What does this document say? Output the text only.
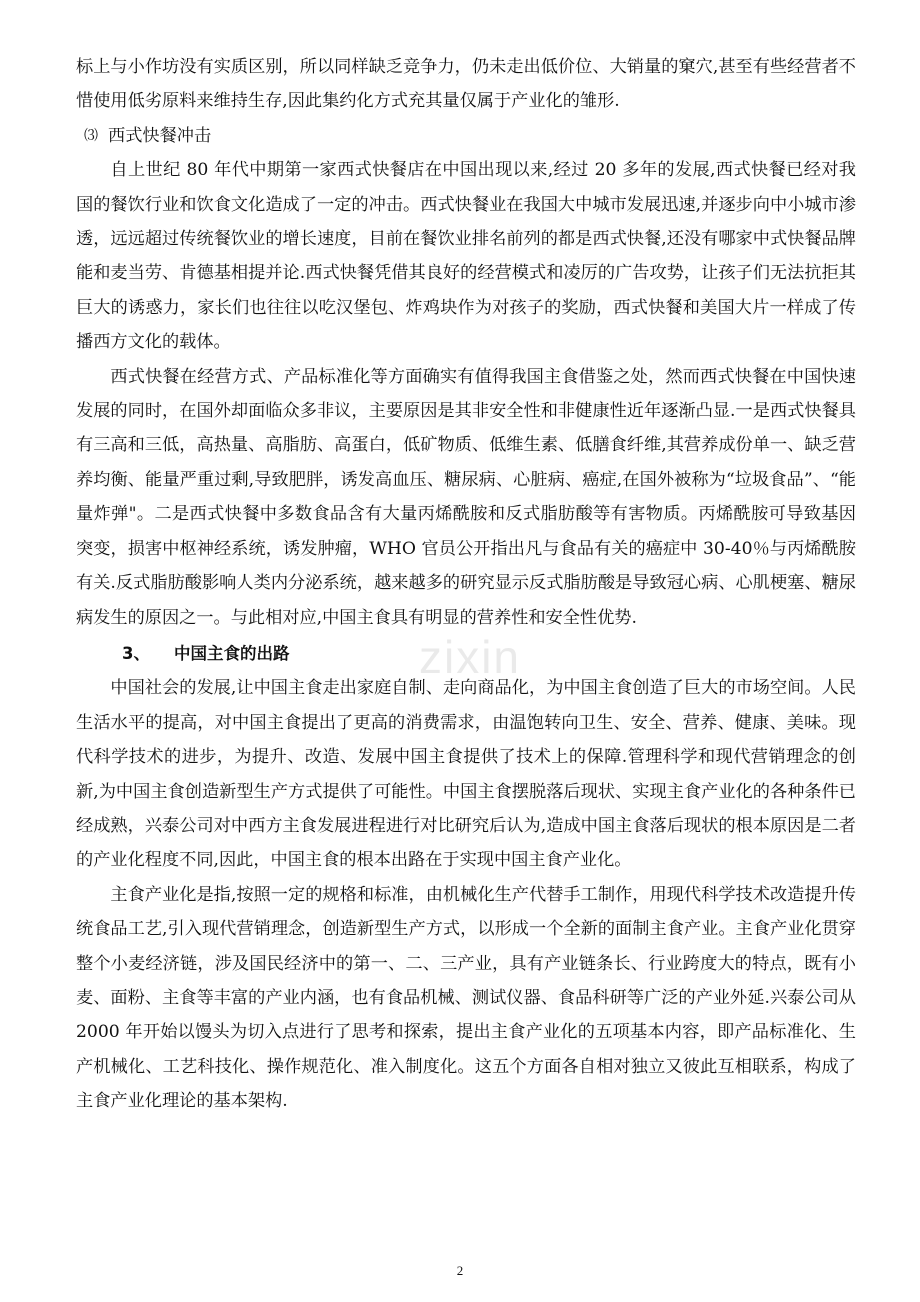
标上与小作坊没有实质区别，所以同样缺乏竞争力，仍未走出低价位、大销量的窠穴,甚至有些经营者不惜使用低劣原料来维持生存,因此集约化方式充其量仅属于产业化的雏形.

⑶ 西式快餐冲击

自上世纪 80 年代中期第一家西式快餐店在中国出现以来,经过 20 多年的发展,西式快餐已经对我国的餐饮行业和饮食文化造成了一定的冲击。西式快餐业在我国大中城市发展迅速,并逐步向中小城市渗透，远远超过传统餐饮业的增长速度，目前在餐饮业排名前列的都是西式快餐,还没有哪家中式快餐品牌能和麦当劳、肯德基相提并论.西式快餐凭借其良好的经营模式和凌厉的广告攻势，让孩子们无法抗拒其巨大的诱惑力，家长们也往往以吃汉堡包、炸鸡块作为对孩子的奖励，西式快餐和美国大片一样成了传播西方文化的载体。

西式快餐在经营方式、产品标准化等方面确实有值得我国主食借鉴之处，然而西式快餐在中国快速发展的同时，在国外却面临众多非议，主要原因是其非安全性和非健康性近年逐渐凸显.一是西式快餐具有三高和三低，高热量、高脂肪、高蛋白，低矿物质、低维生素、低膳食纤维,其营养成份单一、缺乏营养均衡、能量严重过剩,导致肥胖，诱发高血压、糖尿病、心脏病、癌症,在国外被称为“垃圾食品”、“能量炸弹"。二是西式快餐中多数食品含有大量丙烯酰胺和反式脂肪酸等有害物质。丙烯酰胺可导致基因突变，损害中枢神经系统，诱发肿瘤，WHO 官员公开指出凡与食品有关的癌症中 30-40％与丙烯酰胺有关.反式脂肪酸影响人类内分泌系统，越来越多的研究显示反式脂肪酸是导致冠心病、心肌梗塞、糖尿病发生的原因之一。与此相对应,中国主食具有明显的营养性和安全性优势.

3、 中国主食的出路

中国社会的发展,让中国主食走出家庭自制、走向商品化，为中国主食创造了巨大的市场空间。人民生活水平的提高，对中国主食提出了更高的消费需求，由温饱转向卫生、安全、营养、健康、美味。现代科学技术的进步，为提升、改造、发展中国主食提供了技术上的保障.管理科学和现代营销理念的创新,为中国主食创造新型生产方式提供了可能性。中国主食摆脱落后现状、实现主食产业化的各种条件已经成熟，兴泰公司对中西方主食发展进程进行对比研究后认为,造成中国主食落后现状的根本原因是二者的产业化程度不同,因此，中国主食的根本出路在于实现中国主食产业化。

主食产业化是指,按照一定的规格和标准，由机械化生产代替手工制作，用现代科学技术改造提升传统食品工艺,引入现代营销理念，创造新型生产方式，以形成一个全新的面制主食产业。主食产业化贯穿整个小麦经济链，涉及国民经济中的第一、二、三产业，具有产业链条长、行业跨度大的特点，既有小麦、面粉、主食等丰富的产业内涵，也有食品机械、测试仪器、食品科研等广泛的产业外延.兴泰公司从 2000 年开始以馒头为切入点进行了思考和探索，提出主食产业化的五项基本内容，即产品标准化、生产机械化、工艺科技化、操作规范化、准入制度化。这五个方面各自相对独立又彼此互相联系，构成了主食产业化理论的基本架构.

zixin
2
